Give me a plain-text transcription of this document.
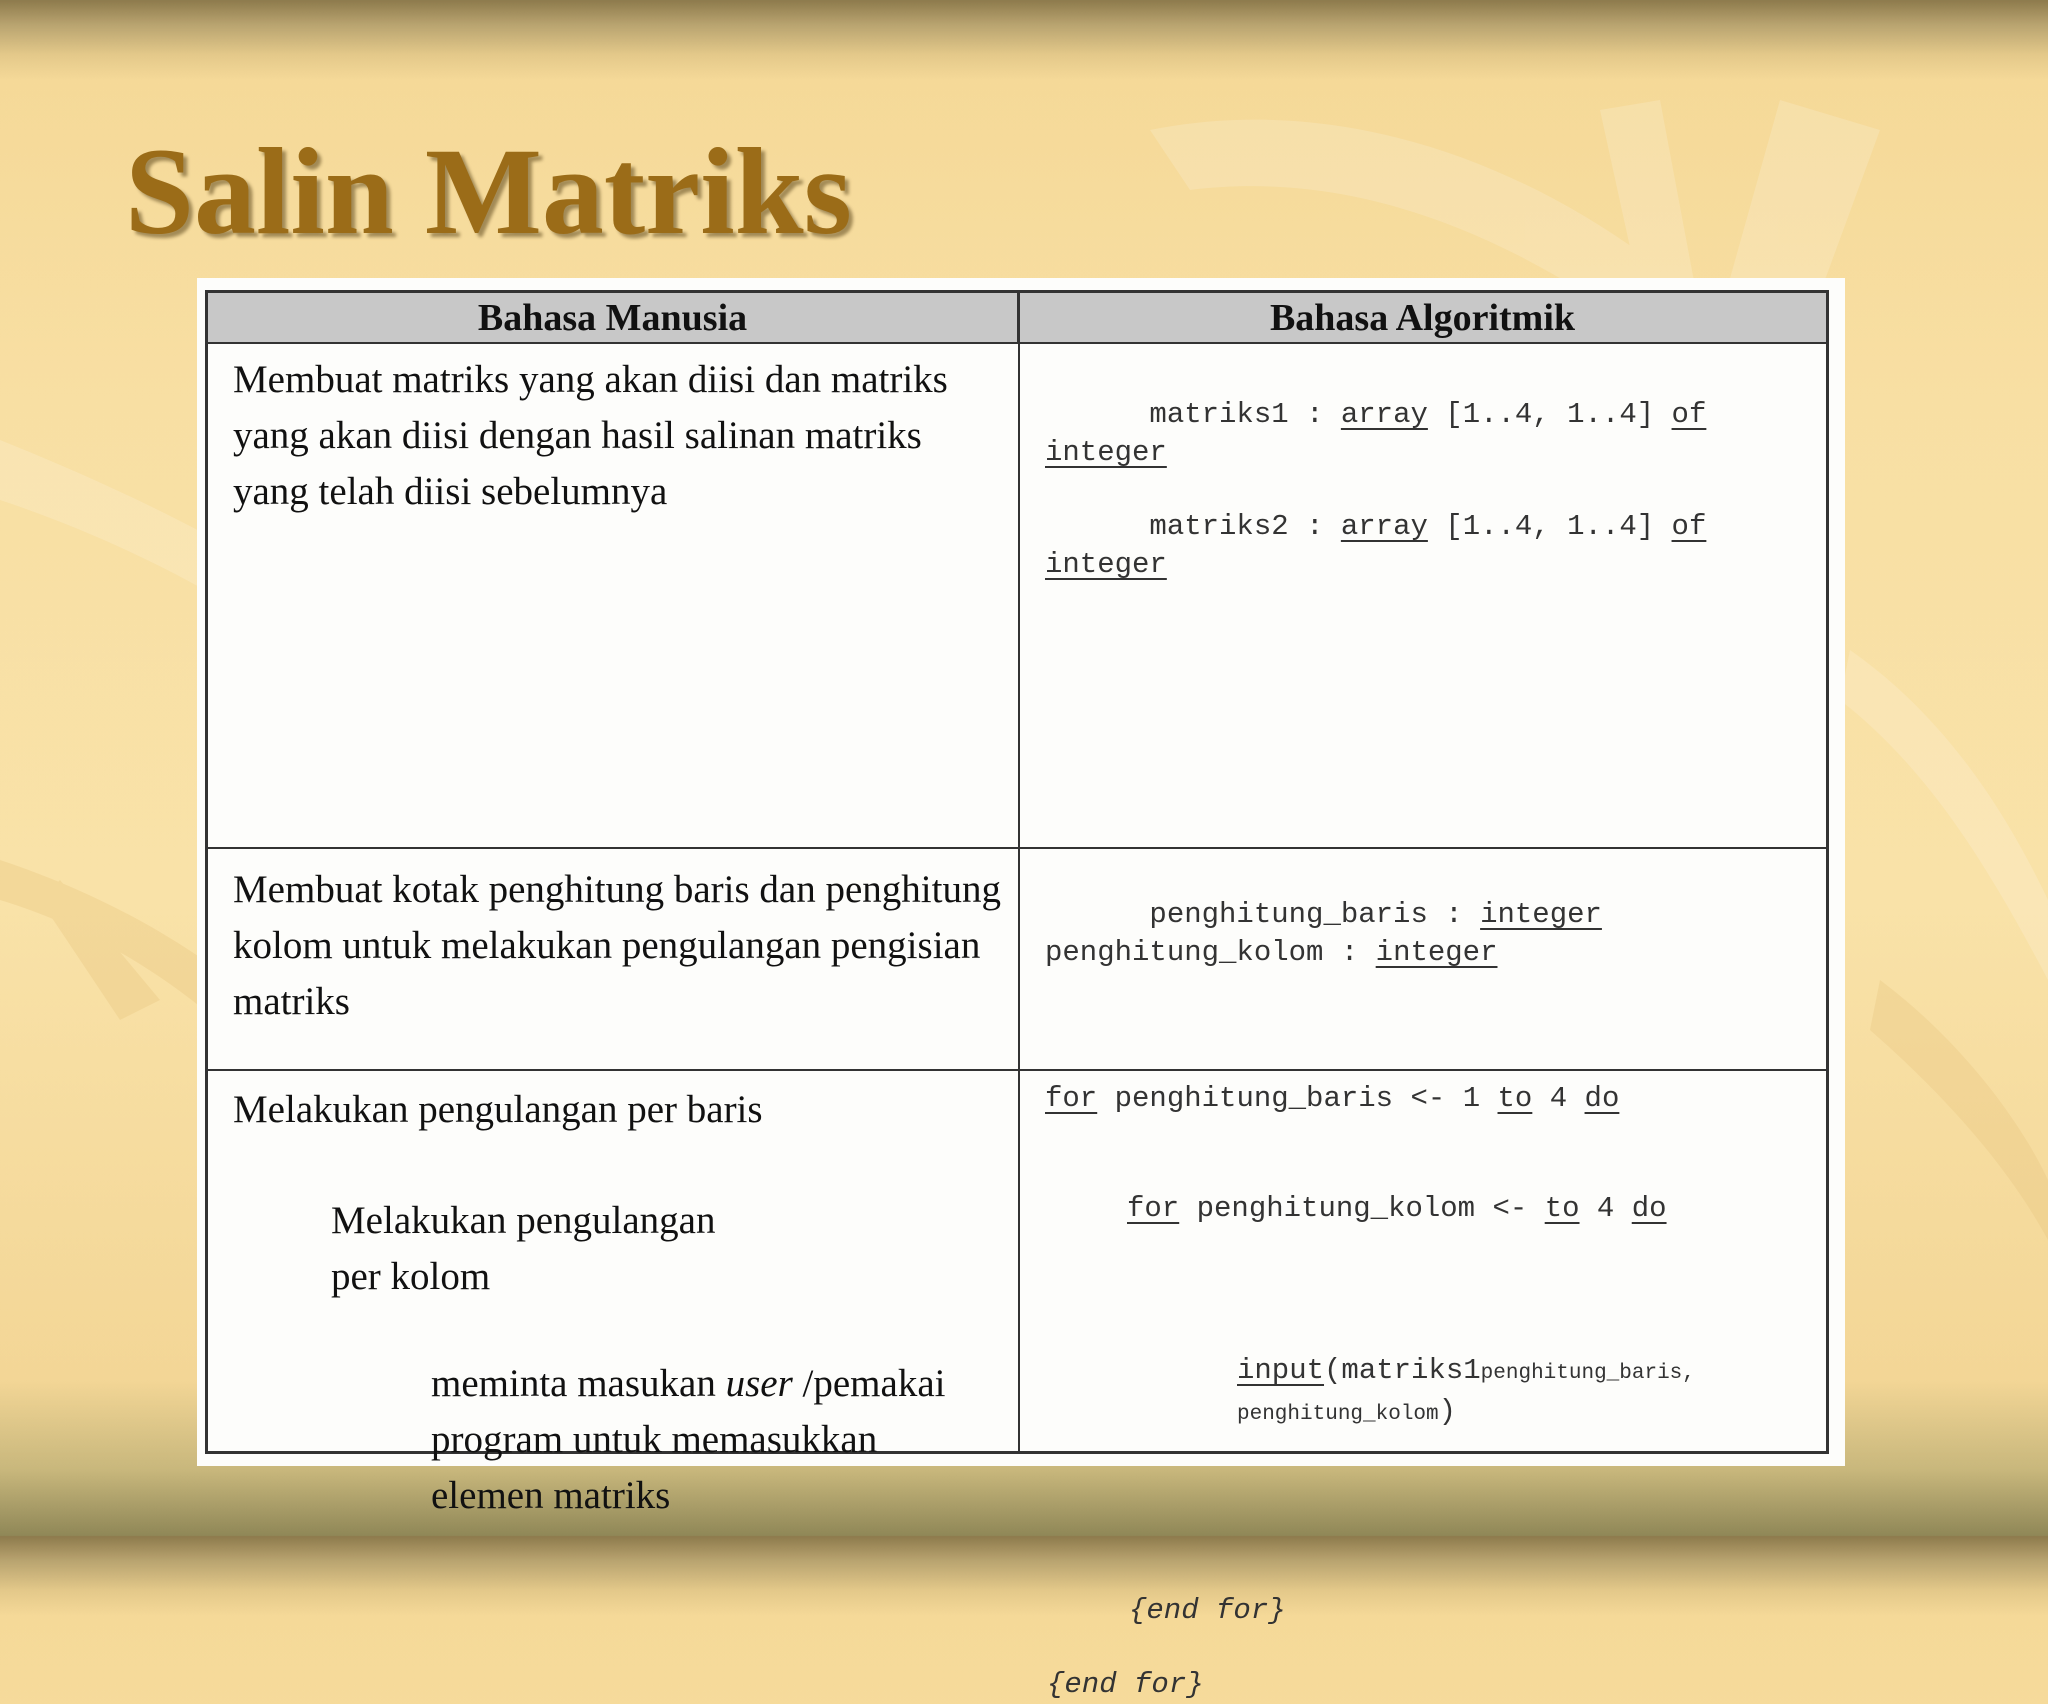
Salin Matriks
Bahasa Manusia	Bahasa Algoritmik

Membuat matriks yang akan diisi dan matriks yang akan diisi dengan hasil salinan matriks yang telah diisi sebelumnya

matriks1 : array [1..4, 1..4] of
integer

matriks2 : array [1..4, 1..4] of
integer

Membuat kotak penghitung baris dan penghitung kolom untuk melakukan pengulangan pengisian matriks

penghitung_baris : integer
penghitung_kolom : integer

Melakukan pengulangan per baris

Melakukan pengulangan per kolom

meminta masukan user /pemakai program untuk memasukkan elemen matriks

for penghitung_baris <- 1 to 4 do
for penghitung_kolom <- to 4 do
input(matriks1penghitung_baris,
penghitung_kolom)
{end for}
{end for}
